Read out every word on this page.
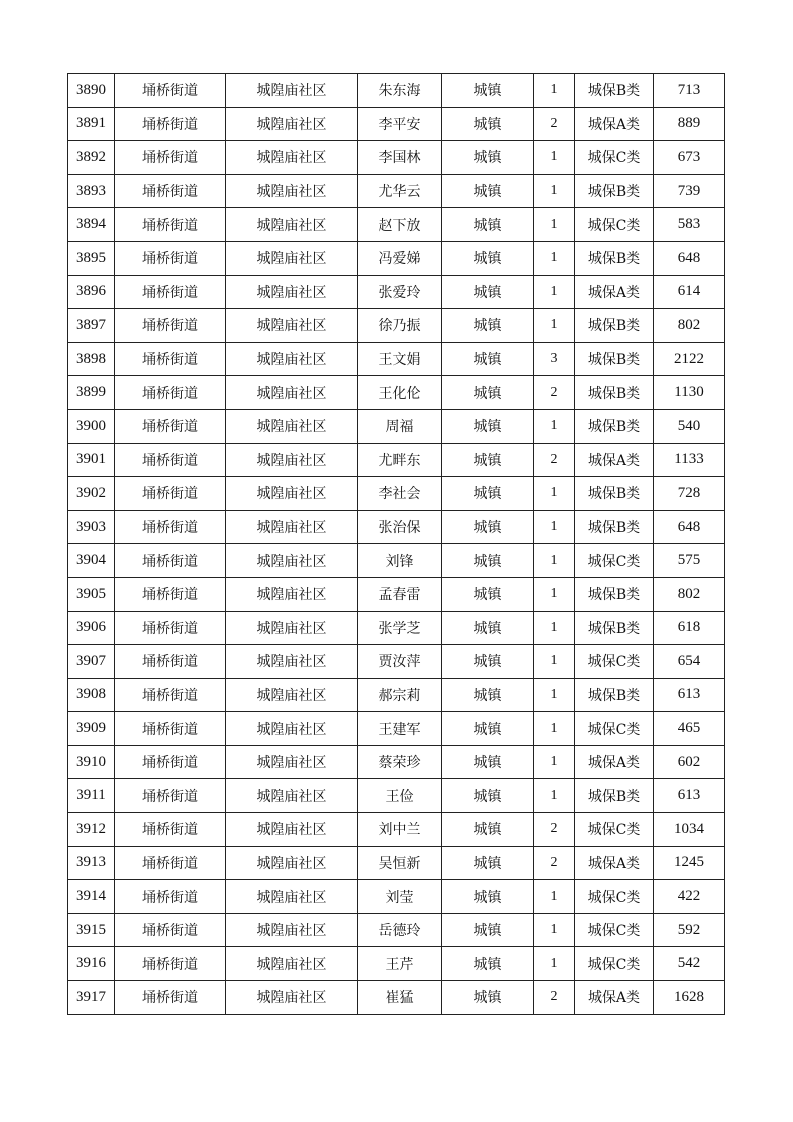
3890	埇桥街道	城隍庙社区	朱东海	城镇	1	城保B类	713
3891	埇桥街道	城隍庙社区	李平安	城镇	2	城保A类	889
3892	埇桥街道	城隍庙社区	李国林	城镇	1	城保C类	673
3893	埇桥街道	城隍庙社区	尤华云	城镇	1	城保B类	739
3894	埇桥街道	城隍庙社区	赵下放	城镇	1	城保C类	583
3895	埇桥街道	城隍庙社区	冯爱娣	城镇	1	城保B类	648
3896	埇桥街道	城隍庙社区	张爱玲	城镇	1	城保A类	614
3897	埇桥街道	城隍庙社区	徐乃振	城镇	1	城保B类	802
3898	埇桥街道	城隍庙社区	王文娟	城镇	3	城保B类	2122
3899	埇桥街道	城隍庙社区	王化伦	城镇	2	城保B类	1130
3900	埇桥街道	城隍庙社区	周福	城镇	1	城保B类	540
3901	埇桥街道	城隍庙社区	尤畔东	城镇	2	城保A类	1133
3902	埇桥街道	城隍庙社区	李社会	城镇	1	城保B类	728
3903	埇桥街道	城隍庙社区	张治保	城镇	1	城保B类	648
3904	埇桥街道	城隍庙社区	刘锋	城镇	1	城保C类	575
3905	埇桥街道	城隍庙社区	孟春雷	城镇	1	城保B类	802
3906	埇桥街道	城隍庙社区	张学芝	城镇	1	城保B类	618
3907	埇桥街道	城隍庙社区	贾汝萍	城镇	1	城保C类	654
3908	埇桥街道	城隍庙社区	郝宗莉	城镇	1	城保B类	613
3909	埇桥街道	城隍庙社区	王建军	城镇	1	城保C类	465
3910	埇桥街道	城隍庙社区	蔡荣珍	城镇	1	城保A类	602
3911	埇桥街道	城隍庙社区	王俭	城镇	1	城保B类	613
3912	埇桥街道	城隍庙社区	刘中兰	城镇	2	城保C类	1034
3913	埇桥街道	城隍庙社区	吴恒新	城镇	2	城保A类	1245
3914	埇桥街道	城隍庙社区	刘莹	城镇	1	城保C类	422
3915	埇桥街道	城隍庙社区	岳德玲	城镇	1	城保C类	592
3916	埇桥街道	城隍庙社区	王芹	城镇	1	城保C类	542
3917	埇桥街道	城隍庙社区	崔猛	城镇	2	城保A类	1628
